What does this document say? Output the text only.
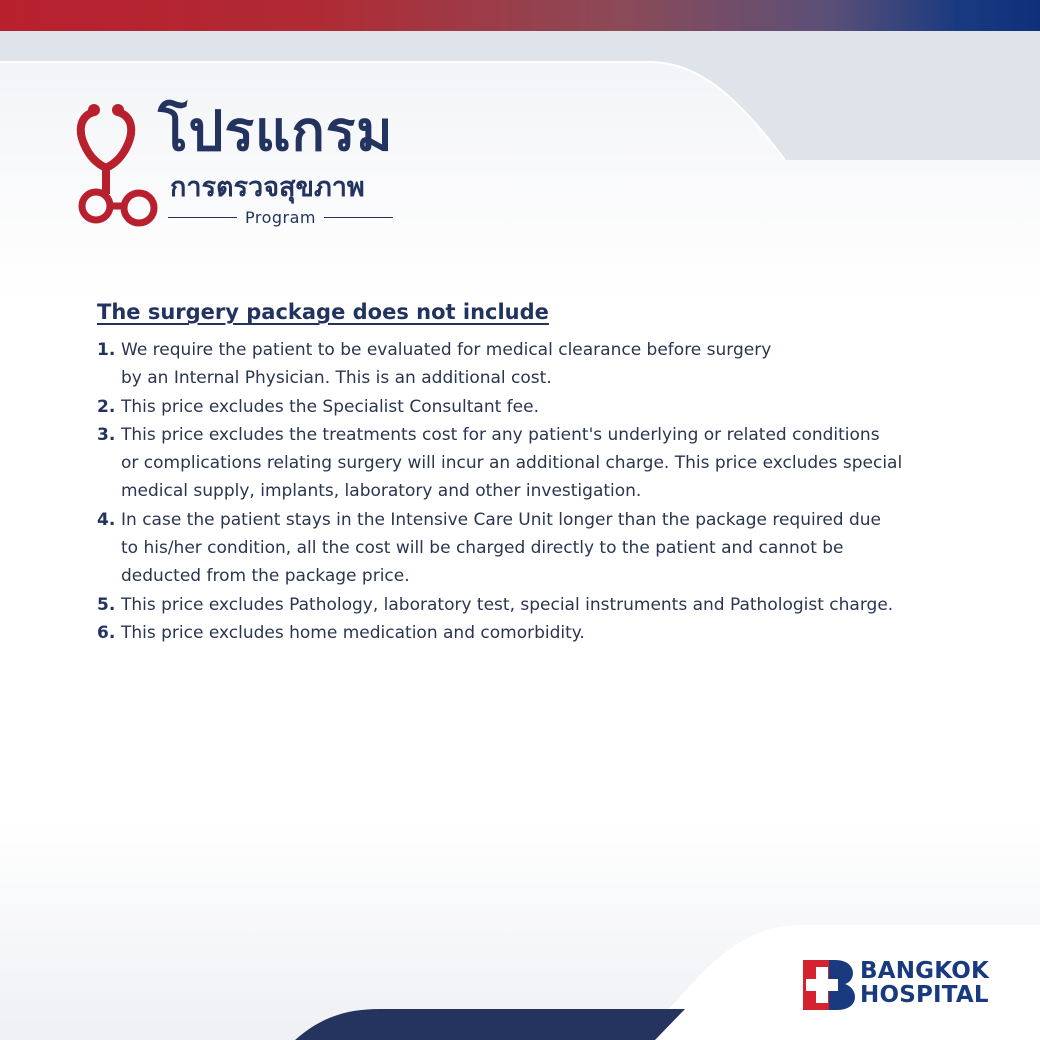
โปรแกรม

การตรวจสุขภาพ

Program
The surgery package does not include
1. We require the patient to be evaluated for medical clearance before surgery
by an Internal Physician. This is an additional cost.
2. This price excludes the Specialist Consultant fee.
3. This price excludes the treatments cost for any patient's underlying or related conditions
or complications relating surgery will incur an additional charge. This price excludes special
medical supply, implants, laboratory and other investigation.
4. In case the patient stays in the Intensive Care Unit longer than the package required due
to his/her condition, all the cost will be charged directly to the patient and cannot be
deducted from the package price.
5. This price excludes Pathology, laboratory test, special instruments and Pathologist charge.
6. This price excludes home medication and comorbidity.

BANGKOK
HOSPITAL
